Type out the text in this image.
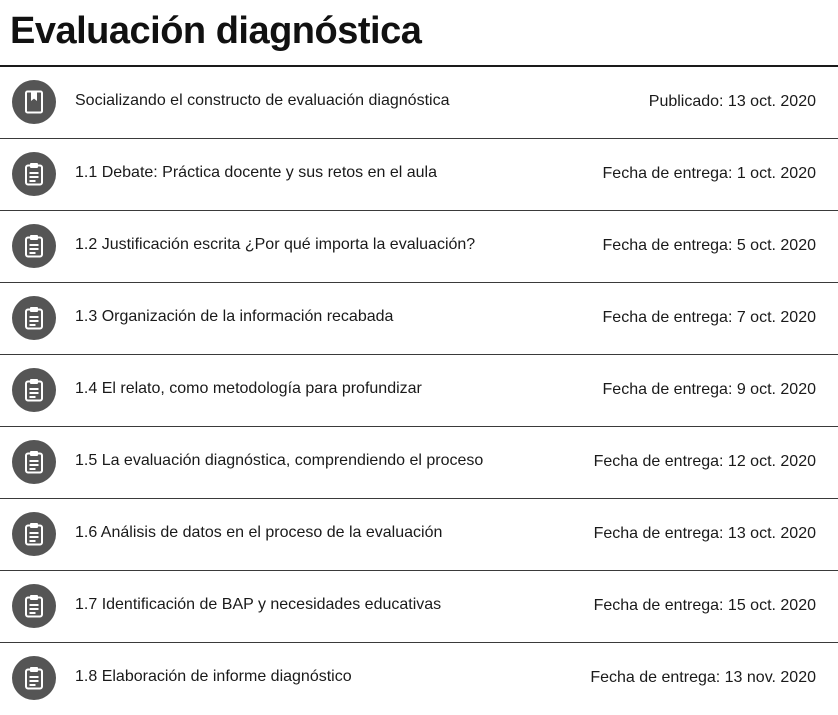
Evaluación diagnóstica
Socializando el constructo de evaluación diagnóstica	Publicado: 13 oct. 2020
1.1 Debate: Práctica docente y sus retos en el aula	Fecha de entrega: 1 oct. 2020
1.2 Justificación escrita ¿Por qué importa la evaluación?	Fecha de entrega: 5 oct. 2020
1.3 Organización de la información recabada	Fecha de entrega: 7 oct. 2020
1.4 El relato, como metodología para profundizar	Fecha de entrega: 9 oct. 2020
1.5 La evaluación diagnóstica, comprendiendo el proceso	Fecha de entrega: 12 oct. 2020
1.6 Análisis de datos en el proceso de la evaluación	Fecha de entrega: 13 oct. 2020
1.7 Identificación de BAP y necesidades educativas	Fecha de entrega: 15 oct. 2020
1.8 Elaboración de informe diagnóstico	Fecha de entrega: 13 nov. 2020
